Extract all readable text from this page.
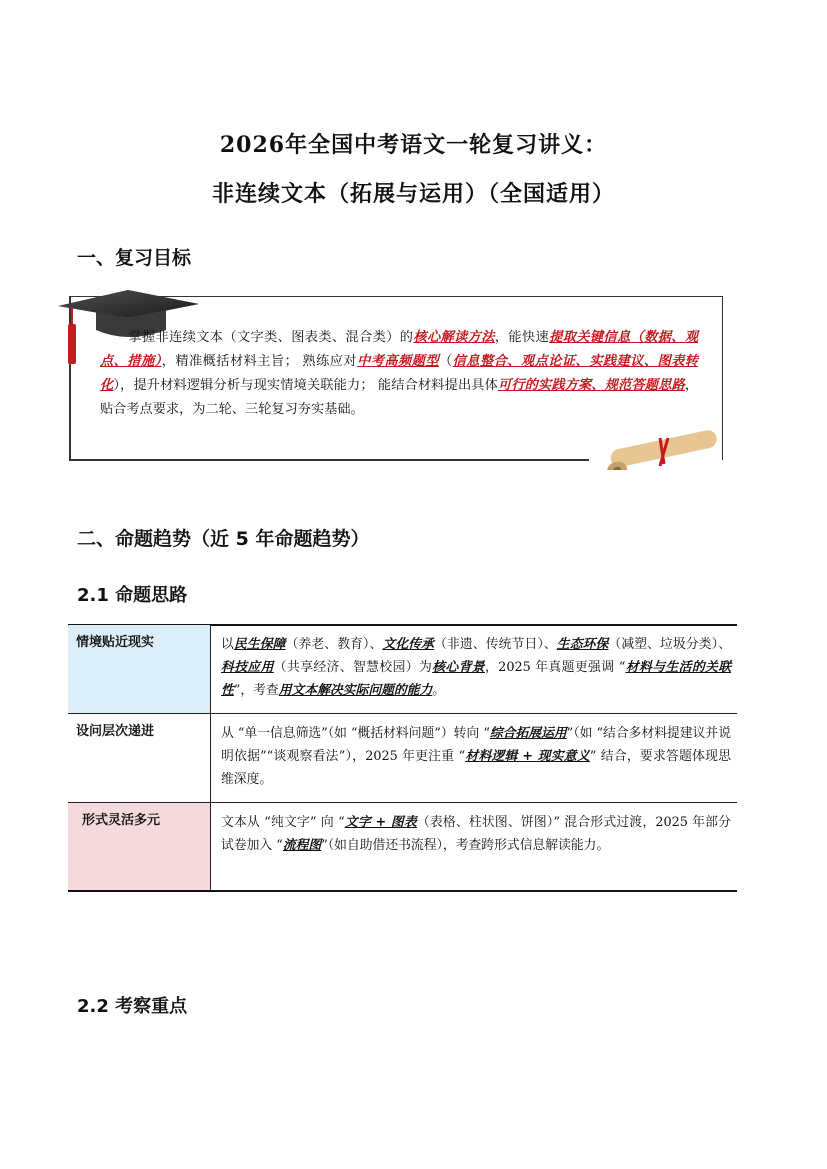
2026年全国中考语文一轮复习讲义：
非连续文本（拓展与运用）（全国适用）
一、复习目标
掌握非连续文本（文字类、图表类、混合类）的核心解读方法，能快速提取关键信息（数据、观点、措施），精准概括材料主旨； 熟练应对中考高频题型（信息整合、观点论证、实践建议、图表转化），提升材料逻辑分析与现实情境关联能力； 能结合材料提出具体可行的实践方案、规范答题思路，贴合考点要求，为二轮、三轮复习夯实基础。
二、命题趋势（近 5 年命题趋势）
2.1 命题思路
情境贴近现实	以民生保障（养老、教育）、文化传承（非遗、传统节日）、生态环保（减塑、垃圾分类）、科技应用（共享经济、智慧校园）为核心背景，2025 年真题更强调 “材料与生活的关联性”，考查用文本解决实际问题的能力。
设问层次递进	从 “单一信息筛选”（如 “概括材料问题”）转向 “综合拓展运用”（如 “结合多材料提建议并说明依据”“谈观察看法”），2025 年更注重 “材料逻辑 + 现实意义” 结合，要求答题体现思维深度。
形式灵活多元	文本从 “纯文字” 向 “文字 + 图表（表格、柱状图、饼图）” 混合形式过渡，2025 年部分试卷加入 “流程图”（如自助借还书流程），考查跨形式信息解读能力。
2.2 考察重点
